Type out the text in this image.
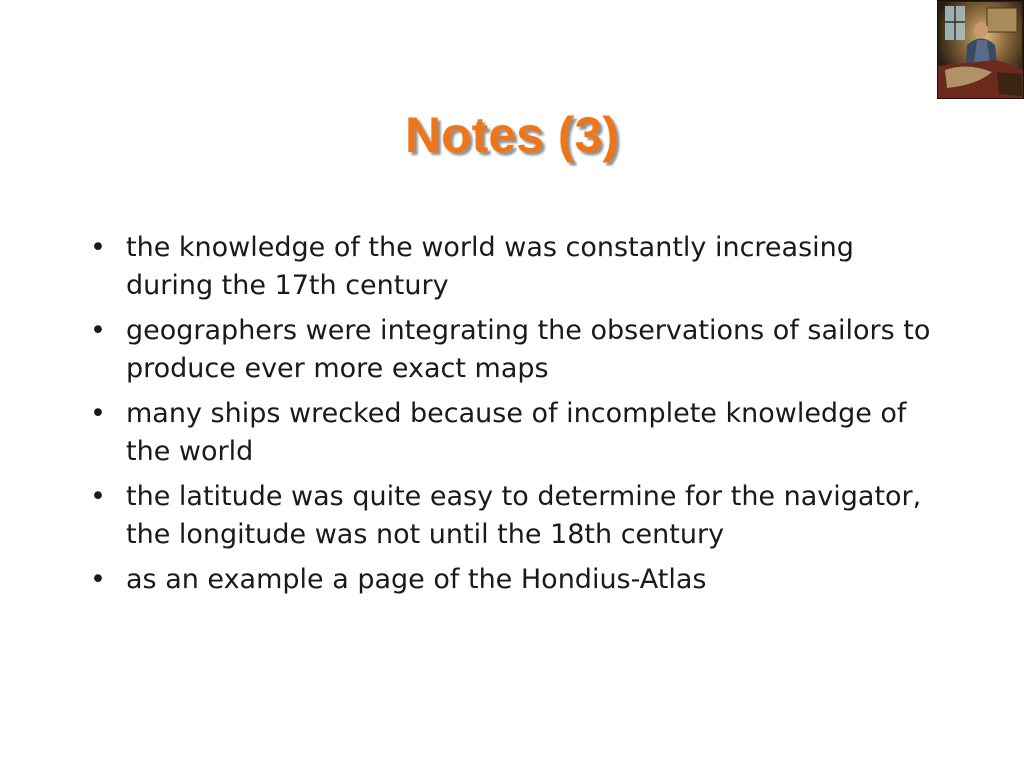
Notes (3)
• the knowledge of the world was constantly increasing during the 17th century
• geographers were integrating the observations of sailors to produce ever more exact maps
• many ships wrecked because of incomplete knowledge of the world
• the latitude was quite easy to determine for the navigator, the longitude was not until the 18th century
• as an example a page of the Hondius-Atlas
